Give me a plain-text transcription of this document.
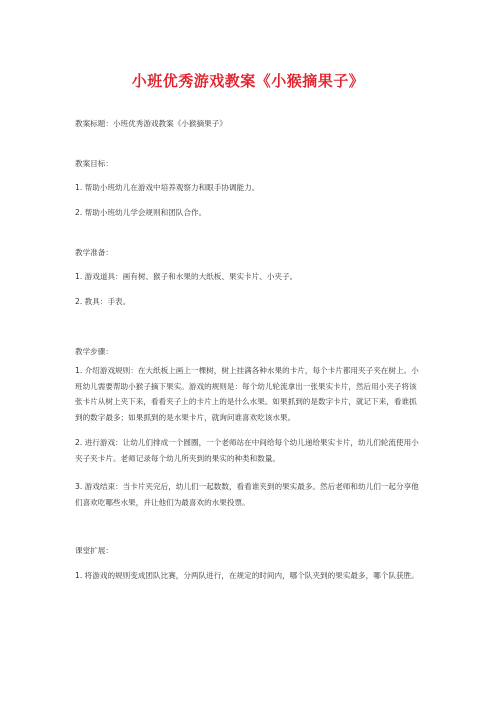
小班优秀游戏教案《小猴摘果子》
教案标题：小班优秀游戏教案《小猴摘果子》
教案目标：
1. 帮助小班幼儿在游戏中培养观察力和眼手协调能力。
2. 帮助小班幼儿学会规则和团队合作。
教学准备：
1. 游戏道具：画有树、猴子和水果的大纸板、果实卡片、小夹子。
2. 教具：手表。
教学步骤：
1. 介绍游戏规则：在大纸板上画上一棵树，树上挂满各种水果的卡片，每个卡片都用夹子夹在树上。小班幼儿需要帮助小猴子摘下果实。游戏的规则是：每个幼儿轮流拿出一张果实卡片，然后用小夹子将该张卡片从树上夹下来，看看夹子上的卡片上的是什么水果。如果抓到的是数字卡片，就记下来，看谁抓到的数字最多；如果抓到的是水果卡片，就询问谁喜欢吃该水果。
2. 进行游戏：让幼儿们排成一个圆圈，一个老师站在中间给每个幼儿递给果实卡片，幼儿们轮流使用小夹子夹卡片。老师记录每个幼儿所夹到的果实的种类和数量。
3. 游戏结束：当卡片夹完后，幼儿们一起数数，看看谁夹到的果实最多。然后老师和幼儿们一起分享他们喜欢吃哪些水果，并让他们为最喜欢的水果投票。
课堂扩展：
1. 将游戏的规则变成团队比赛，分两队进行，在规定的时间内，哪个队夹到的果实最多，哪个队获胜。
